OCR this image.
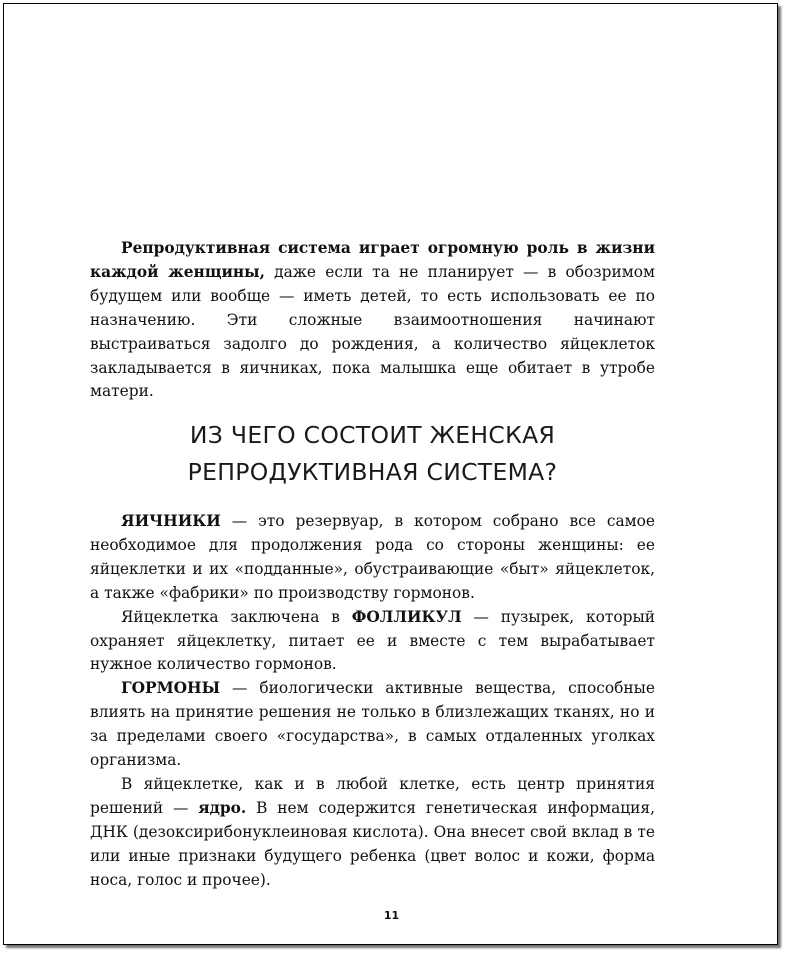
Репродуктивная система играет огромную роль в жизни каждой женщины, даже если та не планирует — в обозримом будущем или вообще — иметь детей, то есть использовать ее по назначению. Эти сложные взаимоотношения начинают выстраиваться задолго до рождения, а количество яйцеклеток закладывается в яичниках, пока малышка еще обитает в утробе матери.

ИЗ ЧЕГО СОСТОИТ ЖЕНСКАЯ
РЕПРОДУКТИВНАЯ СИСТЕМА?

ЯИЧНИКИ — это резервуар, в котором собрано все самое необходимое для продолжения рода со стороны женщины: ее яйцеклетки и их «подданные», обустраивающие «быт» яйцеклеток, а также «фабрики» по производству гормонов.

Яйцеклетка заключена в ФОЛЛИКУЛ — пузырек, который охраняет яйцеклетку, питает ее и вместе с тем вырабатывает нужное количество гормонов.

ГОРМОНЫ — биологически активные вещества, способные влиять на принятие решения не только в близлежащих тканях, но и за пределами своего «государства», в самых отдаленных уголках организма.

В яйцеклетке, как и в любой клетке, есть центр принятия решений — ядро. В нем содержится генетическая информация, ДНК (дезоксирибонуклеиновая кислота). Она внесет свой вклад в те или иные признаки будущего ребенка (цвет волос и кожи, форма носа, голос и прочее).

11
